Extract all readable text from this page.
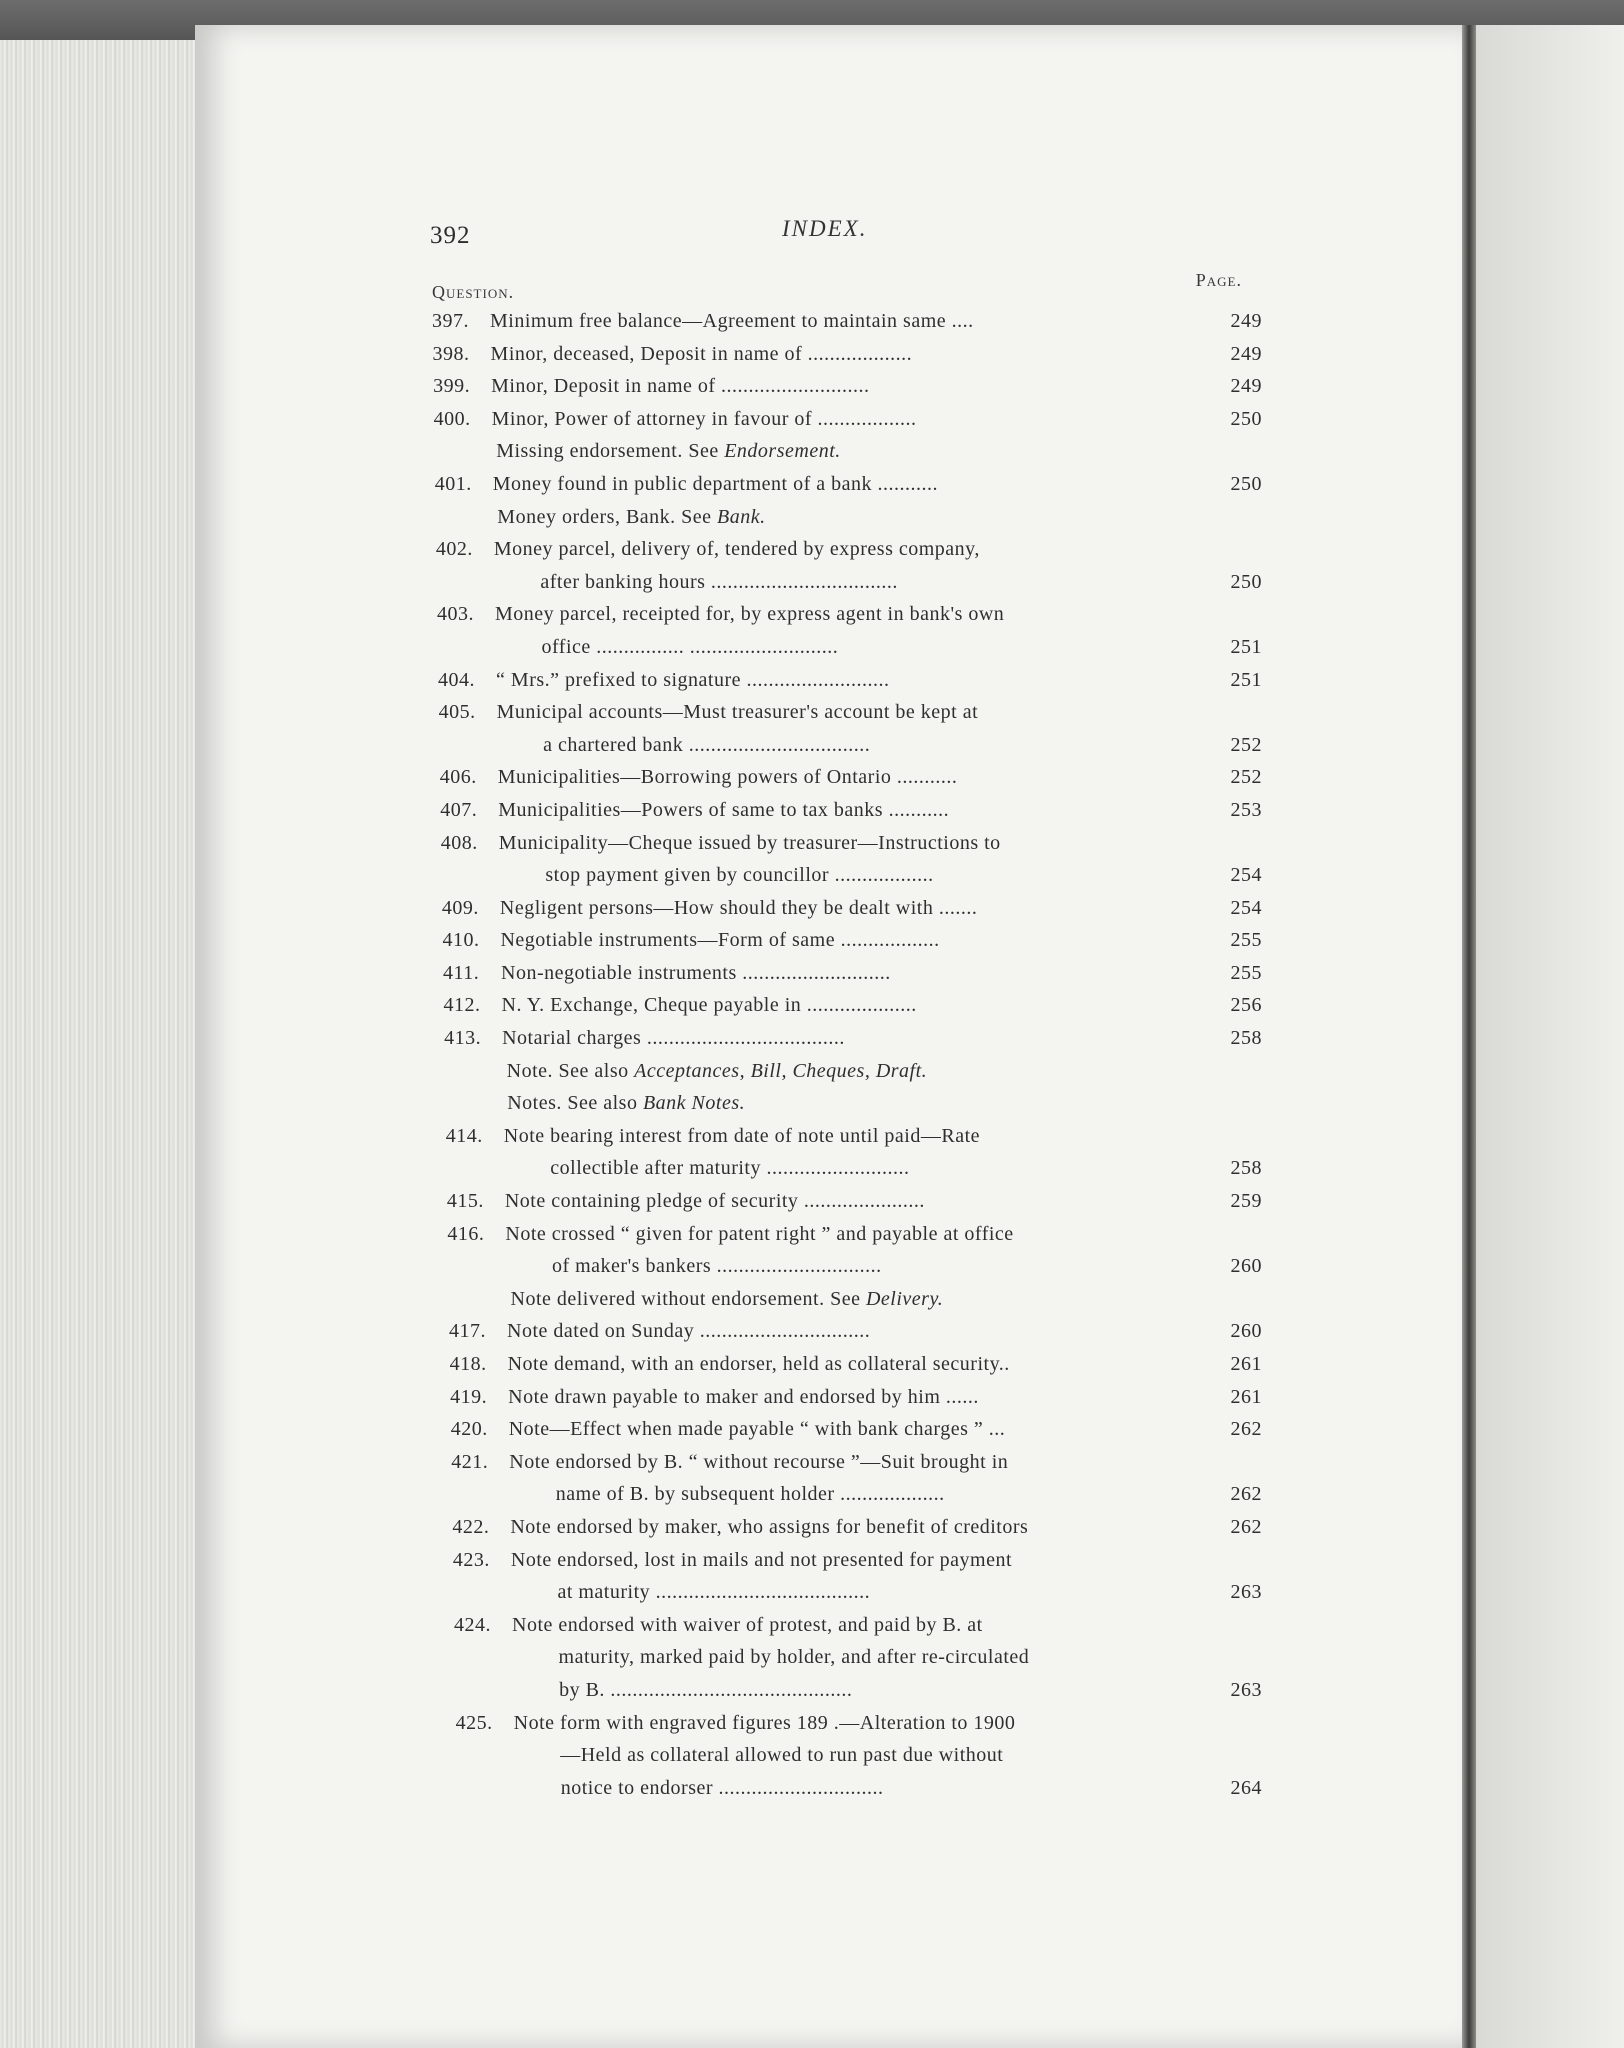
392	INDEX.
Question.
Page.
397. Minimum free balance—Agreement to maintain same ....	249
398. Minor, deceased, Deposit in name of ...................	249
399. Minor, Deposit in name of ...........................	249
400. Minor, Power of attorney in favour of ..................	250
Missing endorsement. See Endorsement.
401. Money found in public department of a bank ...........	250
Money orders, Bank. See Bank.
402. Money parcel, delivery of, tendered by express company,
after banking hours ..................................	250
403. Money parcel, receipted for, by express agent in bank's own
office ................ ...........................	251
404. “ Mrs.” prefixed to signature ..........................	251
405. Municipal accounts—Must treasurer's account be kept at
a chartered bank .................................	252
406. Municipalities—Borrowing powers of Ontario ...........	252
407. Municipalities—Powers of same to tax banks ...........	253
408. Municipality—Cheque issued by treasurer—Instructions to
stop payment given by councillor ..................	254
409. Negligent persons—How should they be dealt with .......	254
410. Negotiable instruments—Form of same ..................	255
411. Non-negotiable instruments ...........................	255
412. N. Y. Exchange, Cheque payable in ....................	256
413. Notarial charges ....................................	258
Note. See also Acceptances, Bill, Cheques, Draft.
Notes. See also Bank Notes.
414. Note bearing interest from date of note until paid—Rate
collectible after maturity ..........................	258
415. Note containing pledge of security ......................	259
416. Note crossed “ given for patent right ” and payable at office
of maker's bankers ..............................	260
Note delivered without endorsement. See Delivery.
417. Note dated on Sunday ...............................	260
418. Note demand, with an endorser, held as collateral security..	261
419. Note drawn payable to maker and endorsed by him ......	261
420. Note—Effect when made payable “ with bank charges ” ...	262
421. Note endorsed by B. “ without recourse ”—Suit brought in
name of B. by subsequent holder ...................	262
422. Note endorsed by maker, who assigns for benefit of creditors	262
423. Note endorsed, lost in mails and not presented for payment
at maturity .......................................	263
424. Note endorsed with waiver of protest, and paid by B. at
maturity, marked paid by holder, and after re-circulated
by B. ............................................	263
425. Note form with engraved figures 189 .—Alteration to 1900
—Held as collateral allowed to run past due without
notice to endorser ..............................	264
